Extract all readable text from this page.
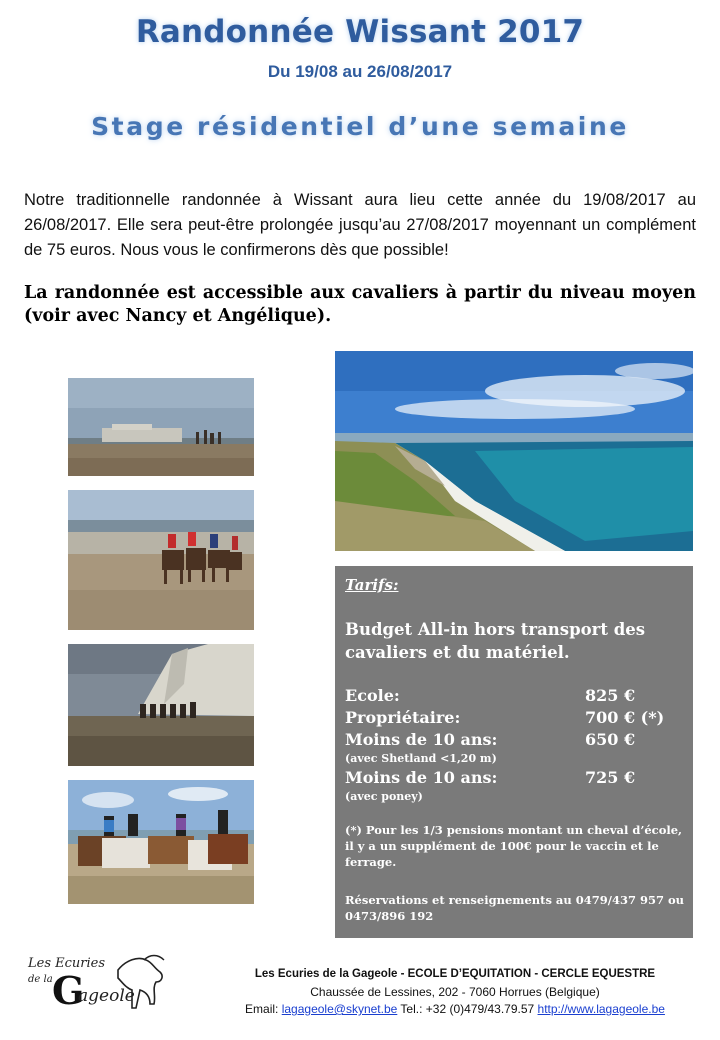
Randonnée Wissant 2017
Du 19/08 au 26/08/2017
Stage résidentiel d’une semaine
Notre traditionnelle randonnée à Wissant aura lieu cette année du 19/08/2017 au 26/08/2017. Elle sera peut-être prolongée jusqu’au 27/08/2017 moyennant un complément de 75 euros. Nous vous le confirmerons dès que possible!
La randonnée est accessible aux cavaliers à partir du niveau moyen (voir avec Nancy et Angélique).
Tarifs:
Budget All-in hors transport des cavaliers et du matériel.
Ecole:	825 €
Propriétaire:	700 € (*)
Moins de 10 ans:	650 €
(avec Shetland <1,20 m)
Moins de 10 ans:	725 €
(avec poney)
(*) Pour les 1/3 pensions montant un cheval d’école, il y a un supplément de 100€ pour le vaccin et le ferrage.
Réservations et renseignements au 0479/437 957 ou 0473/896 192
Les Ecuries
de la G
ageole
Les Ecuries de la Gageole - ECOLE D’EQUITATION - CERCLE EQUESTRE
Chaussée de Lessines, 202 - 7060 Horrues (Belgique)
Email: lagageole@skynet.be Tel.: +32 (0)479/43.79.57 http://www.lagageole.be
